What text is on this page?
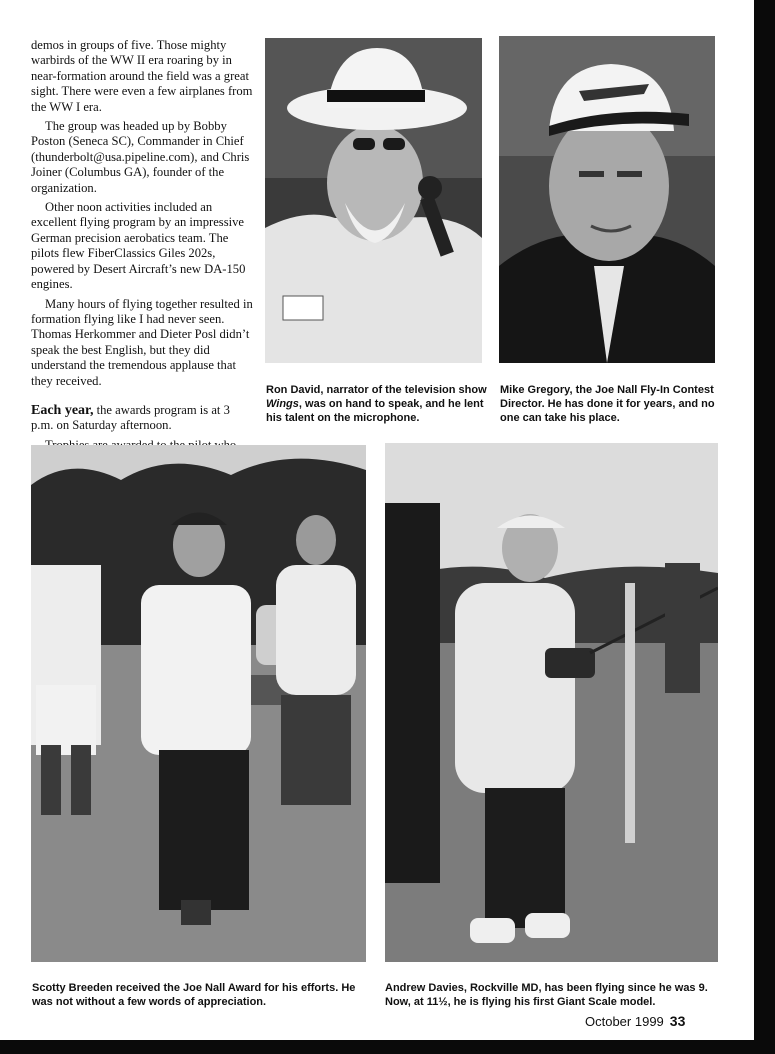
demos in groups of five. Those mighty warbirds of the WW II era roaring by in near-formation around the field was a great sight. There were even a few airplanes from the WW I era.

The group was headed up by Bobby Poston (Seneca SC), Commander in Chief (thunderbolt@usa.pipeline.com), and Chris Joiner (Columbus GA), founder of the organization.

Other noon activities included an excellent flying program by an impressive German precision aerobatics team. The pilots flew FiberClassics Giles 202s, powered by Desert Aircraft’s new DA-150 engines.

Many hours of flying together resulted in formation flying like I had never seen. Thomas Herkommer and Dieter Posl didn’t speak the best English, but they did understand the tremendous applause that they received.

Each year, the awards program is at 3 p.m. on Saturday afternoon.

Ron David, narrator of the television show Wings, was on hand to speak, and he lent his talent on the microphone.
Mike Gregory, the Joe Nall Fly-In Contest Director. He has done it for years, and no one can take his place.
Scotty Breeden received the Joe Nall Award for his efforts. He was not without a few words of appreciation.
Andrew Davies, Rockville MD, has been flying since he was 9. Now, at 11½, he is flying his first Giant Scale model.
October 1999 33
